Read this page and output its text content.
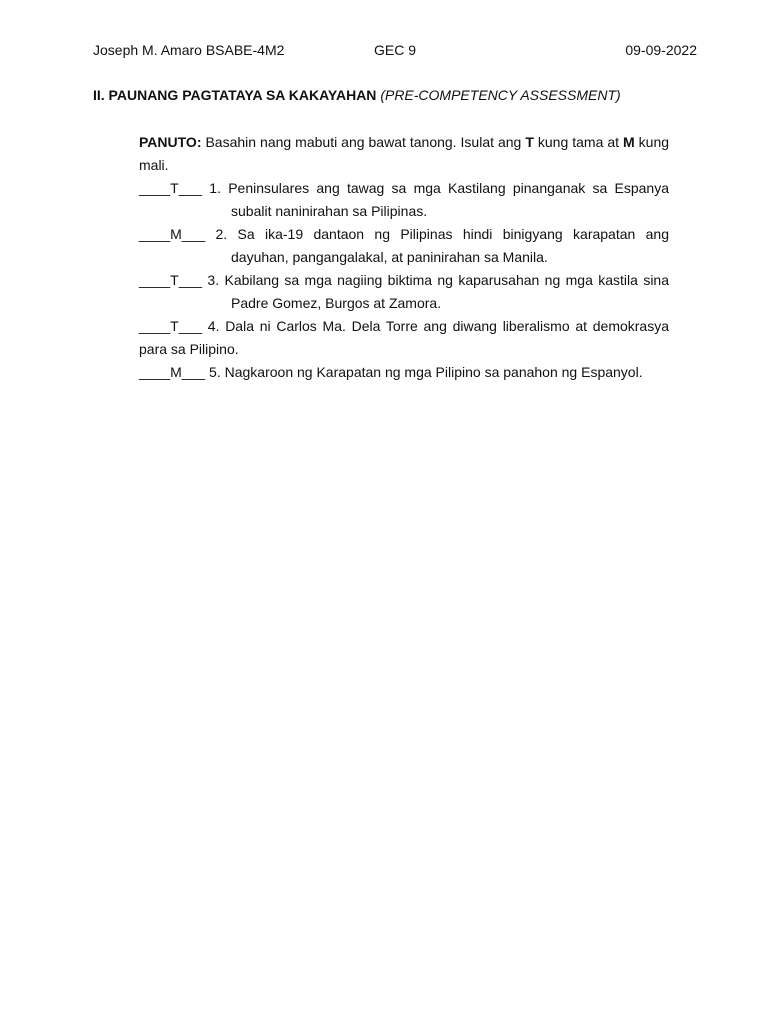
Joseph M. Amaro BSABE-4M2	GEC 9	09-09-2022
II. PAUNANG PAGTATAYA SA KAKAYAHAN (PRE-COMPETENCY ASSESSMENT)

PANUTO: Basahin nang mabuti ang bawat tanong. Isulat ang T kung tama at M kung mali.

____T___ 1. Peninsulares ang tawag sa mga Kastilang pinanganak sa Espanya
subalit naninirahan sa Pilipinas.
____M___ 2. Sa ika-19 dantaon ng Pilipinas hindi binigyang karapatan ang
dayuhan, pangangalakal, at paninirahan sa Manila.
____T___ 3. Kabilang sa mga nagiing biktima ng kaparusahan ng mga kastila sina
Padre Gomez, Burgos at Zamora.
____T___ 4. Dala ni Carlos Ma. Dela Torre ang diwang liberalismo at demokrasya
para sa Pilipino.
____M___ 5. Nagkaroon ng Karapatan ng mga Pilipino sa panahon ng Espanyol.
